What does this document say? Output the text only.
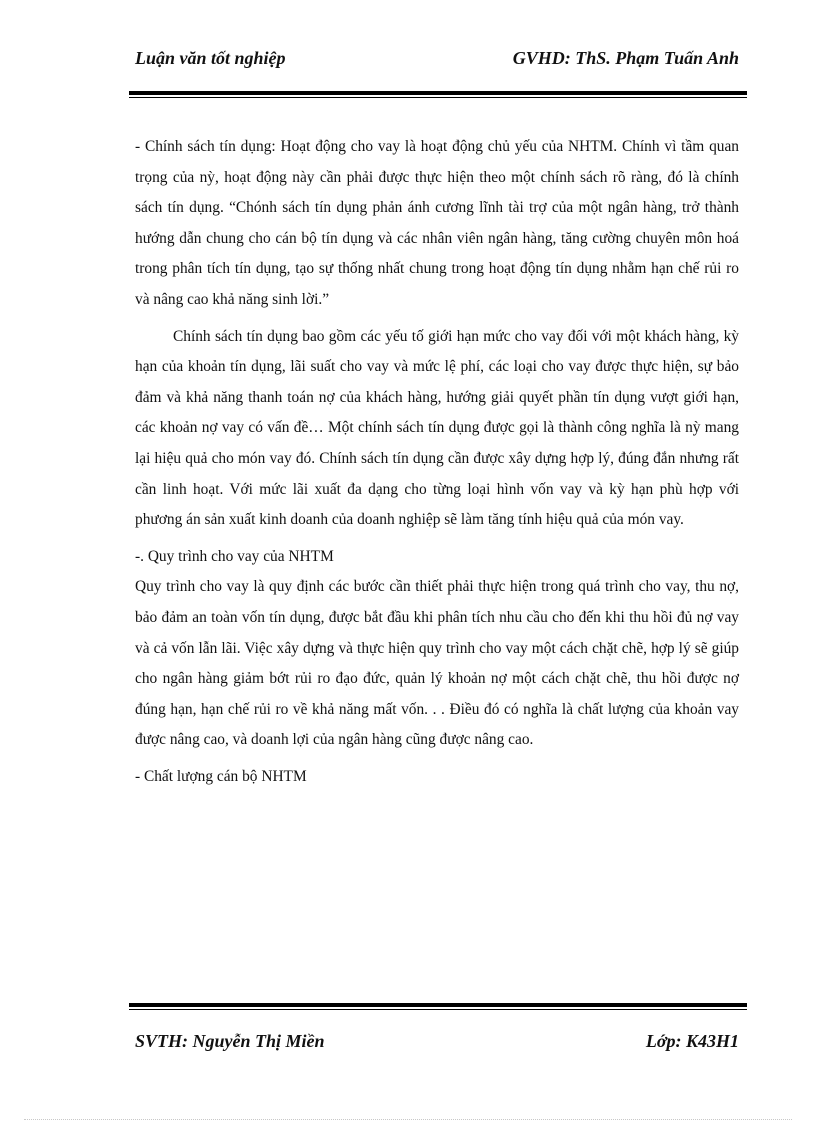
Luận văn tốt nghiệp	GVHD: ThS. Phạm Tuấn Anh

- Chính sách tín dụng: Hoạt động cho vay là hoạt động chủ yếu của NHTM. Chính vì tầm quan trọng của nỳ, hoạt động này cần phải được thực hiện theo một chính sách rõ ràng, đó là chính sách tín dụng. “Chónh sách tín dụng phản ánh cương lĩnh tài trợ của một ngân hàng, trở thành hướng dẫn chung cho cán bộ tín dụng và các nhân viên ngân hàng, tăng cường chuyên môn hoá trong phân tích tín dụng, tạo sự thống nhất chung trong hoạt động tín dụng nhằm hạn chế rủi ro và nâng cao khả năng sinh lời.”

Chính sách tín dụng bao gồm các yếu tố giới hạn mức cho vay đối với một khách hàng, kỳ hạn của khoản tín dụng, lãi suất cho vay và mức lệ phí, các loại cho vay được thực hiện, sự bảo đảm và khả năng thanh toán nợ của khách hàng, hướng giải quyết phần tín dụng vượt giới hạn, các khoản nợ vay có vấn đề… Một chính sách tín dụng được gọi là thành công nghĩa là nỳ mang lại hiệu quả cho món vay đó. Chính sách tín dụng cần được xây dựng hợp lý, đúng đắn nhưng rất cần linh hoạt. Với mức lãi xuất đa dạng cho từng loại hình vốn vay và kỳ hạn phù hợp với phương án sản xuất kinh doanh của doanh nghiệp sẽ làm tăng tính hiệu quả của món vay.

-. Quy trình cho vay của NHTM

Quy trình cho vay là quy định các bước cần thiết phải thực hiện trong quá trình cho vay, thu nợ, bảo đảm an toàn vốn tín dụng, được bắt đầu khi phân tích nhu cầu cho đến khi thu hồi đủ nợ vay và cả vốn lẫn lãi. Việc xây dựng và thực hiện quy trình cho vay một cách chặt chẽ, hợp lý sẽ giúp cho ngân hàng giảm bớt rủi ro đạo đức, quản lý khoản nợ một cách chặt chẽ, thu hồi được nợ đúng hạn, hạn chế rủi ro về khả năng mất vốn. . . Điều đó có nghĩa là chất lượng của khoản vay được nâng cao, và doanh lợi của ngân hàng cũng được nâng cao.

- Chất lượng cán bộ NHTM

SVTH: Nguyễn Thị Miền	Lớp: K43H1
